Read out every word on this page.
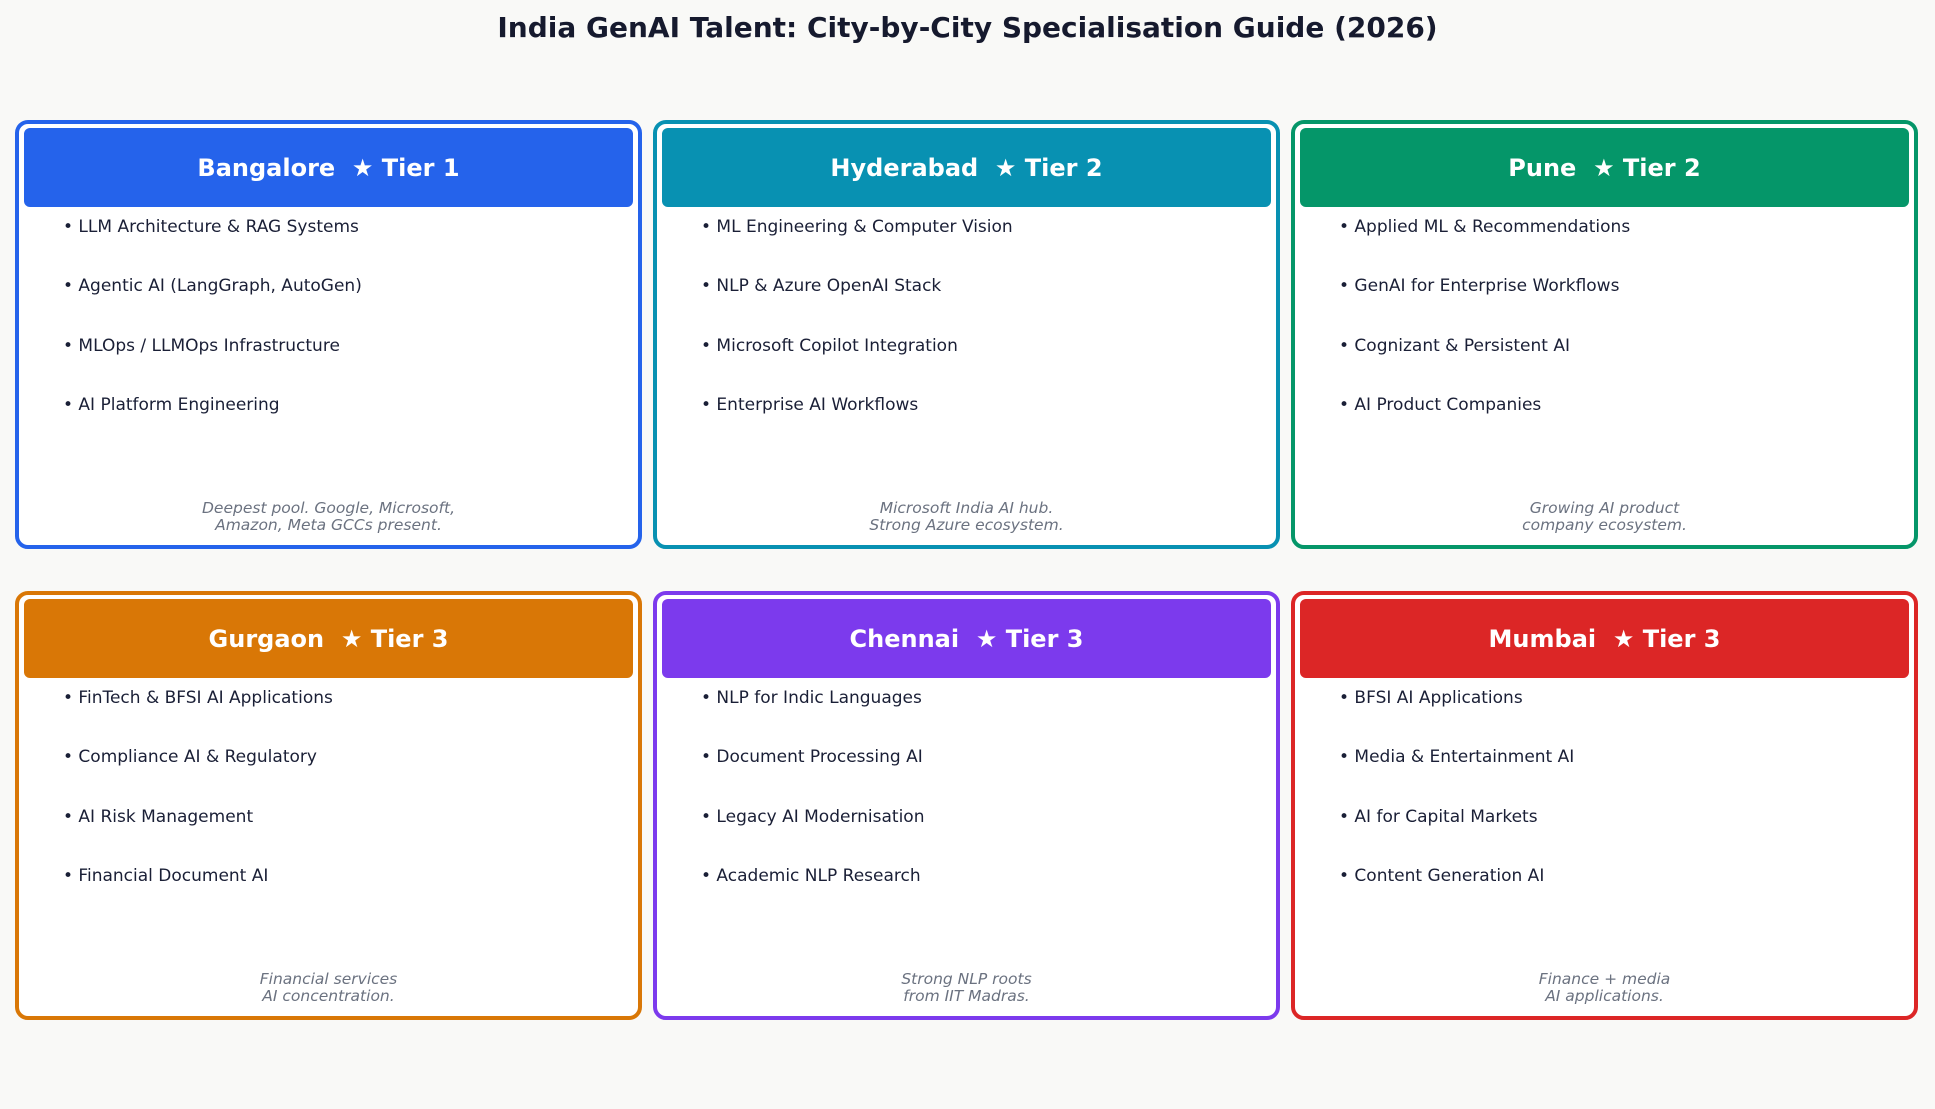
India GenAI Talent: City-by-City Specialisation Guide (2026)
Bangalore
★ Tier 1
• LLM Architecture & RAG Systems
• Agentic AI (LangGraph, AutoGen)
• MLOps / LLMOps Infrastructure
• AI Platform Engineering
Deepest pool. Google, Microsoft,
Amazon, Meta GCCs present.
Hyderabad
★ Tier 2
• ML Engineering & Computer Vision
• NLP & Azure OpenAI Stack
• Microsoft Copilot Integration
• Enterprise AI Workflows
Microsoft India AI hub.
Strong Azure ecosystem.
Pune
★ Tier 2
• Applied ML & Recommendations
• GenAI for Enterprise Workflows
• Cognizant & Persistent AI
• AI Product Companies
Growing AI product
company ecosystem.
Gurgaon
★ Tier 3
• FinTech & BFSI AI Applications
• Compliance AI & Regulatory
• AI Risk Management
• Financial Document AI
Financial services
AI concentration.
Chennai
★ Tier 3
• NLP for Indic Languages
• Document Processing AI
• Legacy AI Modernisation
• Academic NLP Research
Strong NLP roots
from IIT Madras.
Mumbai
★ Tier 3
• BFSI AI Applications
• Media & Entertainment AI
• AI for Capital Markets
• Content Generation AI
Finance + media
AI applications.
